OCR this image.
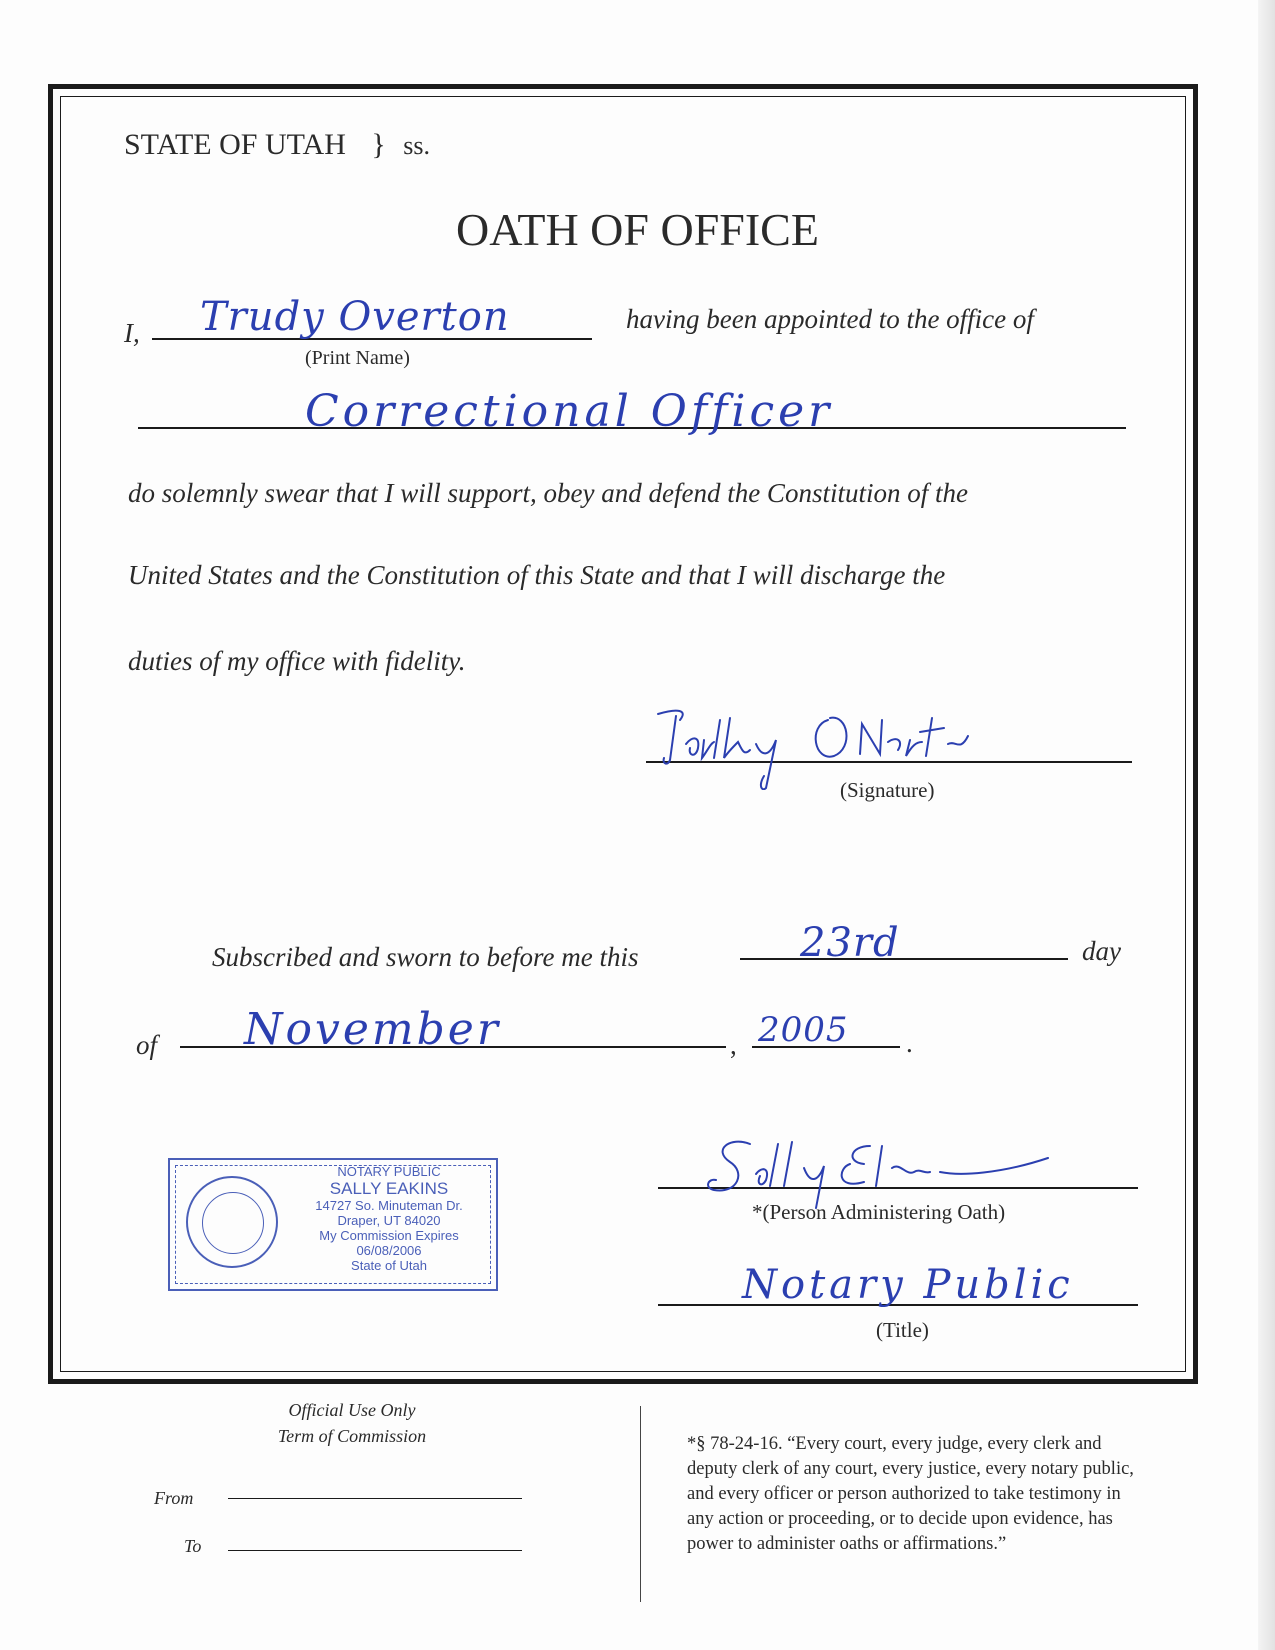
STATE OF UTAH } ss.
OATH OF OFFICE
I, Trudy Overton
(Print Name)
having been appointed to the office of
Correctional Officer
do solemnly swear that I will support, obey and defend the Constitution of the
United States and the Constitution of this State and that I will discharge the
duties of my office with fidelity.
(Signature)
Subscribed and sworn to before me this	23rd	day
of November	, 2005 .
NOTARY PUBLIC
SALLY EAKINS
14727 So. Minuteman Dr.
Draper, UT 84020
My Commission Expires 06/08/2006
State of Utah
*(Person Administering Oath)
Notary Public
(Title)
Official Use Only
Term of Commission
From
To
*§ 78-24-16. “Every court, every judge, every clerk and
deputy clerk of any court, every justice, every notary public,
and every officer or person authorized to take testimony in
any action or proceeding, or to decide upon evidence, has
power to administer oaths or affirmations.”
